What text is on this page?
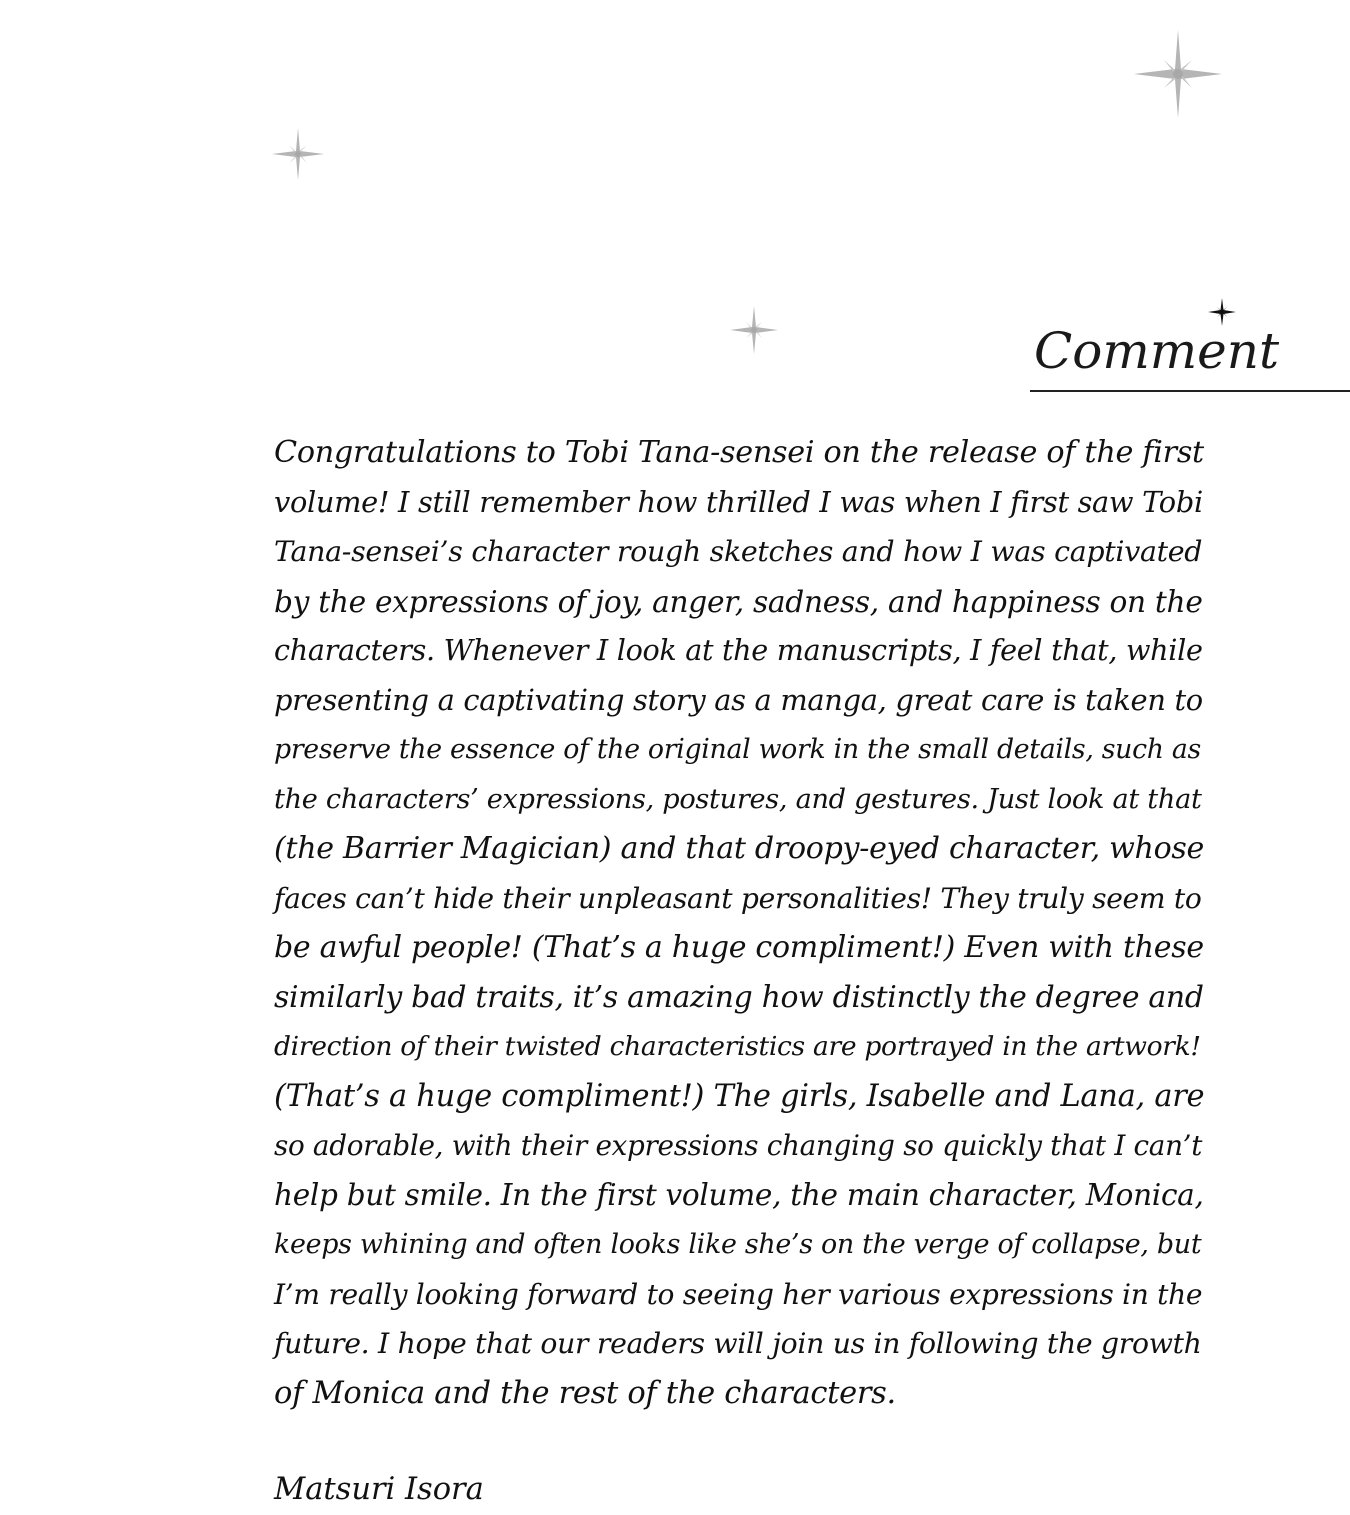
Comment
Congratulations to Tobi Tana-sensei on the release of the first
volume! I still remember how thrilled I was when I first saw Tobi
Tana-sensei’s character rough sketches and how I was captivated
by the expressions of joy, anger, sadness, and happiness on the
characters. Whenever I look at the manuscripts, I feel that, while
presenting a captivating story as a manga, great care is taken to
preserve the essence of the original work in the small details, such as
the characters’ expressions, postures, and gestures. Just look at that
(the Barrier Magician) and that droopy-eyed character, whose
faces can’t hide their unpleasant personalities! They truly seem to
be awful people! (That’s a huge compliment!) Even with these
similarly bad traits, it’s amazing how distinctly the degree and
direction of their twisted characteristics are portrayed in the artwork!
(That’s a huge compliment!) The girls, Isabelle and Lana, are
so adorable, with their expressions changing so quickly that I can’t
help but smile. In the first volume, the main character, Monica,
keeps whining and often looks like she’s on the verge of collapse, but
I’m really looking forward to seeing her various expressions in the
future. I hope that our readers will join us in following the growth
of Monica and the rest of the characters.
Matsuri Isora
